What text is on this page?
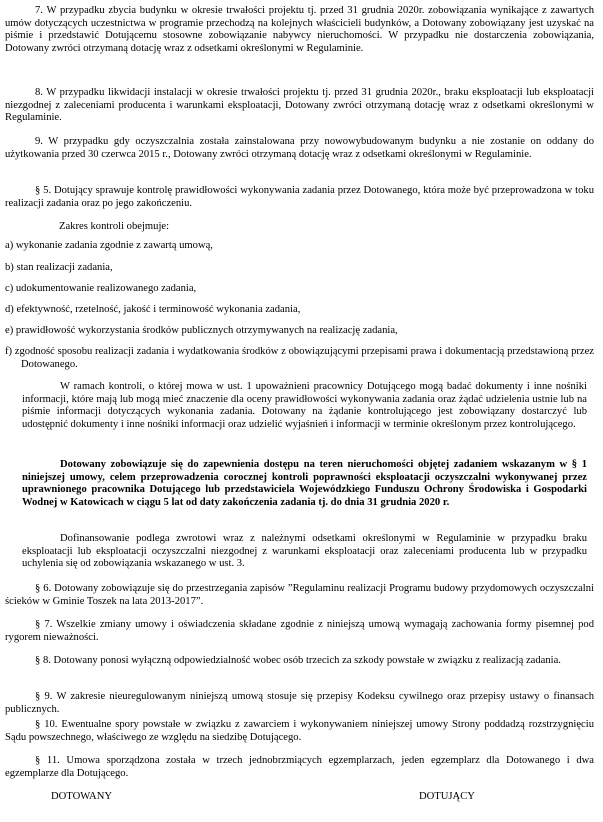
7. W przypadku zbycia budynku w okresie trwałości projektu tj. przed 31 grudnia 2020r. zobowiązania wynikające z zawartych umów dotyczących uczestnictwa w programie przechodzą na kolejnych właścicieli budynków, a Dotowany zobowiązany jest uzyskać na piśmie i przedstawić Dotującemu stosowne zobowiązanie nabywcy nieruchomości. W przypadku nie dostarczenia zobowiązania, Dotowany zwróci otrzymaną dotację wraz z odsetkami określonymi w Regulaminie.

8. W przypadku likwidacji instalacji w okresie trwałości projektu tj. przed 31 grudnia 2020r., braku eksploatacji lub eksploatacji niezgodnej z zaleceniami producenta i warunkami eksploatacji, Dotowany zwróci otrzymaną dotację wraz z odsetkami określonymi w Regulaminie.

9. W przypadku gdy oczyszczalnia została zainstalowana przy nowowybudowanym budynku a nie zostanie on oddany do użytkowania przed 30 czerwca 2015 r., Dotowany zwróci otrzymaną dotację wraz z odsetkami określonymi w Regulaminie.

§ 5. Dotujący sprawuje kontrolę prawidłowości wykonywania zadania przez Dotowanego, która może być przeprowadzona w toku realizacji zadania oraz po jego zakończeniu.

Zakres kontroli obejmuje:

a) wykonanie zadania zgodnie z zawartą umową,

b) stan realizacji zadania,

c) udokumentowanie realizowanego zadania,

d) efektywność, rzetelność, jakość i terminowość wykonania zadania,

e) prawidłowość wykorzystania środków publicznych otrzymywanych na realizację zadania,

f) zgodność sposobu realizacji zadania i wydatkowania środków z obowiązującymi przepisami prawa i dokumentacją przedstawioną przez Dotowanego.

W ramach kontroli, o której mowa w ust. 1 upoważnieni pracownicy Dotującego mogą badać dokumenty i inne nośniki informacji, które mają lub mogą mieć znaczenie dla oceny prawidłowości wykonywania zadania oraz żądać udzielenia ustnie lub na piśmie informacji dotyczących wykonania zadania. Dotowany na żądanie kontrolującego jest zobowiązany dostarczyć lub udostępnić dokumenty i inne nośniki informacji oraz udzielić wyjaśnień i informacji w terminie określonym przez kontrolującego.

Dotowany zobowiązuje się do zapewnienia dostępu na teren nieruchomości objętej zadaniem wskazanym w § 1 niniejszej umowy, celem przeprowadzenia corocznej kontroli poprawności eksploatacji oczyszczalni wykonywanej przez uprawnionego pracownika Dotującego lub przedstawiciela Wojewódzkiego Funduszu Ochrony Środowiska i Gospodarki Wodnej w Katowicach w ciągu 5 lat od daty zakończenia zadania tj. do dnia 31 grudnia 2020 r.

Dofinansowanie podlega zwrotowi wraz z należnymi odsetkami określonymi w Regulaminie w przypadku braku eksploatacji lub eksploatacji oczyszczalni niezgodnej z warunkami eksploatacji oraz zaleceniami producenta lub w przypadku uchylenia się od zobowiązania wskazanego w ust. 3.

§ 6. Dotowany zobowiązuje się do przestrzegania zapisów ”Regulaminu realizacji Programu budowy przydomowych oczyszczalni ścieków w Gminie Toszek na lata 2013-2017”.

§ 7. Wszelkie zmiany umowy i oświadczenia składane zgodnie z niniejszą umową wymagają zachowania formy pisemnej pod rygorem nieważności.

§ 8. Dotowany ponosi wyłączną odpowiedzialność wobec osób trzecich za szkody powstałe w związku z realizacją zadania.

§ 9. W zakresie nieuregulowanym niniejszą umową stosuje się przepisy Kodeksu cywilnego oraz przepisy ustawy o finansach publicznych.

§ 10. Ewentualne spory powstałe w związku z zawarciem i wykonywaniem niniejszej umowy Strony poddadzą rozstrzygnięciu Sądu powszechnego, właściwego ze względu na siedzibę Dotującego.

§ 11. Umowa sporządzona została w trzech jednobrzmiących egzemplarzach, jeden egzemplarz dla Dotowanego i dwa egzemplarze dla Dotującego.

DOTOWANY	DOTUJĄCY
